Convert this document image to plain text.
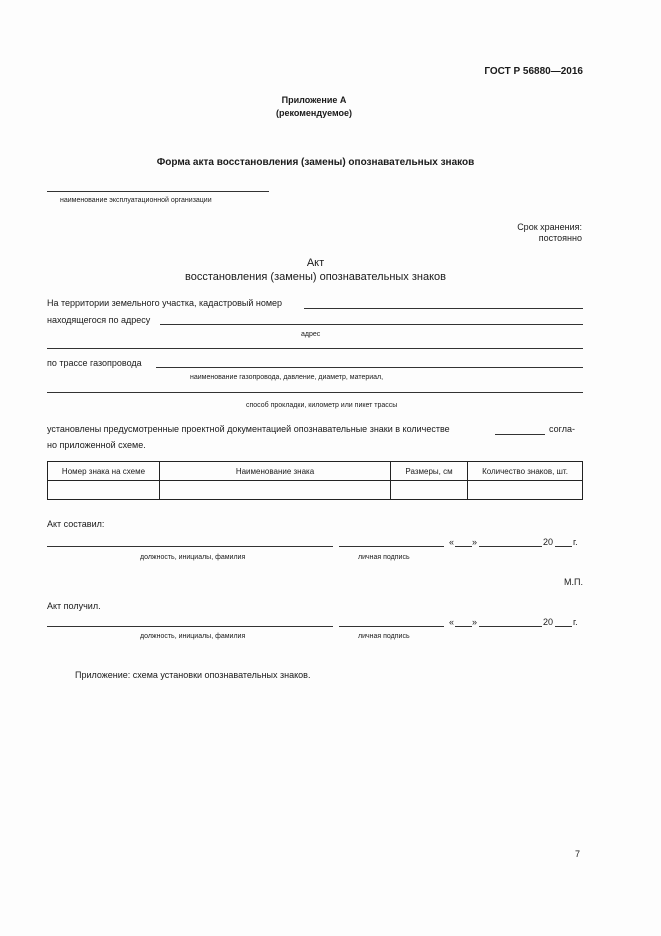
ГОСТ Р 56880—2016
Приложение А
(рекомендуемое)
Форма акта восстановления (замены) опознавательных знаков
наименование эксплуатационной организации
Срок хранения:
постоянно
Акт
восстановления (замены) опознавательных знаков
На территории земельного участка, кадастровый номер
находящегося по адресу
адрес
по трассе газопровода
наименование газопровода, давление, диаметр, материал,
способ прокладки, километр или пикет трассы
установлены предусмотренные проектной документацией опознавательные знаки в количестве	согла-
но приложенной схеме.
Номер знака на схеме	Наименование знака	Размеры, см	Количество знаков, шт.

Акт составил:
« »	20 г.
должность, инициалы, фамилия	личная подпись
М.П.
Акт получил.
« »	20 г.
должность, инициалы, фамилия	личная подпись
Приложение: схема установки опознавательных знаков.
7
